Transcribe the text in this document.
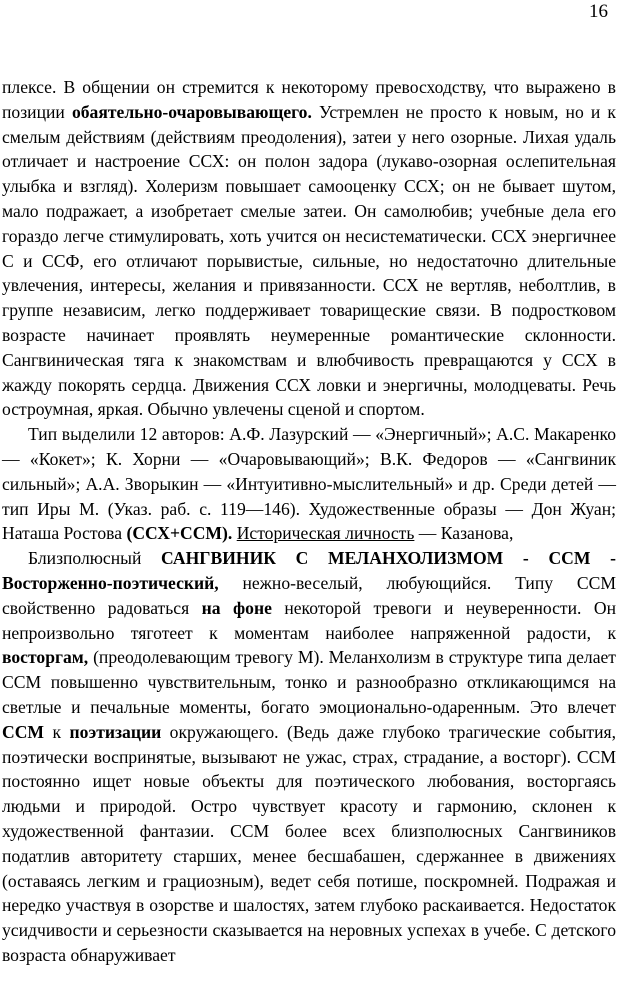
16

плексе. В общении он стремится к некоторому превосходству, что выражено в позиции обаятельно-очаровывающего. Устремлен не просто к новым, но и к смелым действиям (действиям преодоления), затеи у него озорные. Лихая удаль отличает и настроение ССХ: он полон задора (лукаво-озорная ослепительная улыбка и взгляд). Холеризм повышает самооценку ССХ; он не бывает шутом, мало подражает, а изобретает смелые затеи. Он самолюбив; учебные дела его гораздо легче стимулировать, хоть учится он несистематически. ССХ энергичнее С и ССФ, его отличают порывистые, сильные, но недостаточно длительные увлечения, интересы, желания и привязанности. ССХ не вертляв, неболтлив, в группе независим, легко поддерживает товарищеские связи. В подростковом возрасте начинает проявлять неумеренные романтические склонности. Сангвиническая тяга к знакомствам и влюбчивость превращаются у ССХ в жажду покорять сердца. Движения ССХ ловки и энергичны, молодцеваты. Речь остроумная, яркая. Обычно увлечены сценой и спортом.

Тип выделили 12 авторов: А.Ф. Лазурский — «Энергичный»; А.С. Макаренко — «Кокет»; К. Хорни — «Очаровывающий»; В.К. Федоров — «Сангвиник сильный»; А.А. Зворыкин — «Интуитивно-мыслительный» и др. Среди детей — тип Иры М. (Указ. раб. с. 119—146). Художественные образы — Дон Жуан; Наташа Ростова (ССХ+ССМ). Историческая личность — Казанова,

Близполюсный САНГВИНИК С МЕЛАНХОЛИЗМОМ - ССМ - Восторженно-поэтический, нежно-веселый, любующийся. Типу ССМ свойственно радоваться на фоне некоторой тревоги и неуверенности. Он непроизвольно тяготеет к моментам наиболее напряженной радости, к восторгам, (преодолевающим тревогу М). Меланхолизм в структуре типа делает ССМ повышенно чувствительным, тонко и разнообразно откликающимся на светлые и печальные моменты, богато эмоционально-одаренным. Это влечет ССМ к поэтизации окружающего. (Ведь даже глубоко трагические события, поэтически воспринятые, вызывают не ужас, страх, страдание, а восторг). ССМ постоянно ищет новые объекты для поэтического любования, восторгаясь людьми и природой. Остро чувствует красоту и гармонию, склонен к художественной фантазии. ССМ более всех близполюсных Сангвиников податлив авторитету старших, менее бесшабашен, сдержаннее в движениях (оставаясь легким и грациозным), ведет себя потише, поскромней. Подражая и нередко участвуя в озорстве и шалостях, затем глубоко раскаивается. Недостаток усидчивости и серьезности сказывается на неровных успехах в учебе. С детского возраста обнаруживает
